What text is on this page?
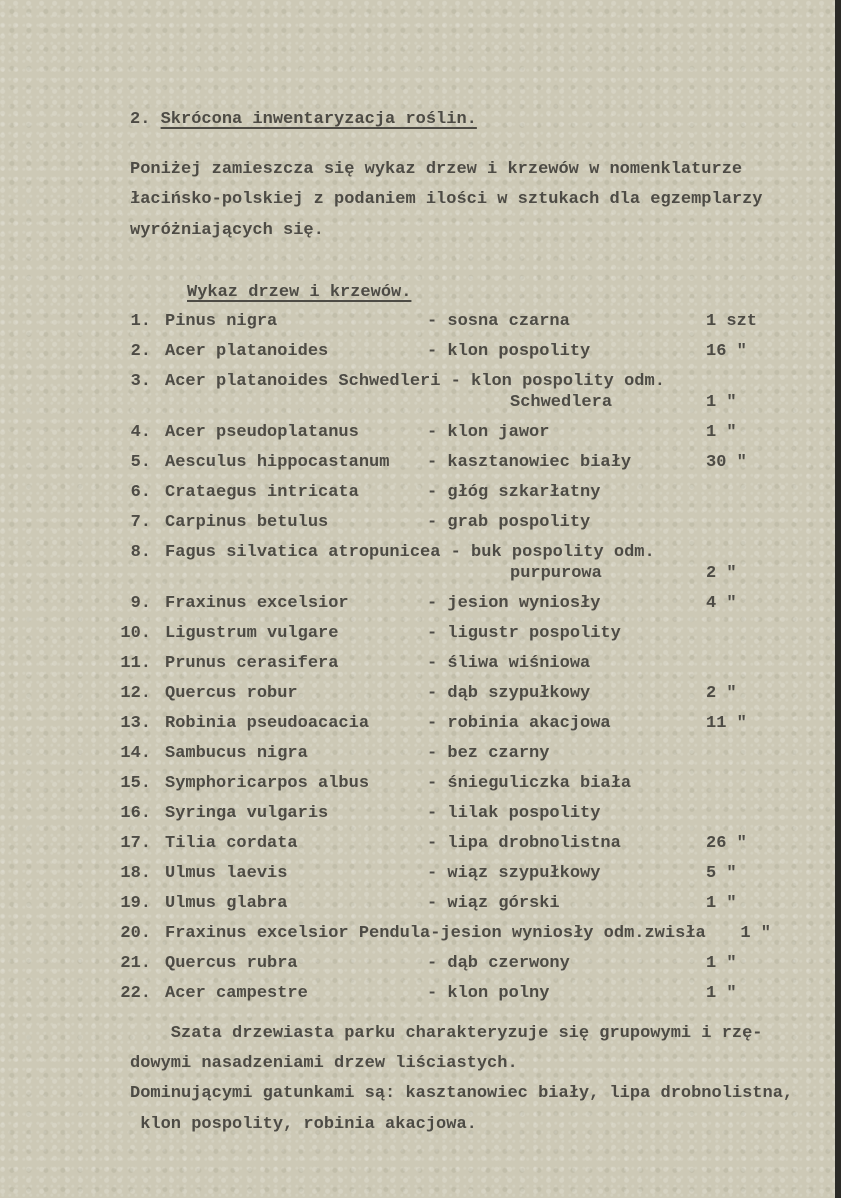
2. Skrócona inwentaryzacja roślin.
Poniżej zamieszcza się wykaz drzew i krzewów w nomenklaturze
łacińsko-polskiej z podaniem ilości w sztukach dla egzemplarzy
wyróżniających się.
Wykaz drzew i krzewów.
1. Pinus nigra	- sosna czarna	1 szt
2. Acer platanoides	- klon pospolity	16 "
3. Acer platanoides Schwedleri - klon pospolity odm.
Schwedlera	1 "
4. Acer pseudoplatanus	- klon jawor	1 "
5. Aesculus hippocastanum - kasztanowiec biały	30 "
6. Crataegus intricata	- głóg szkarłatny
7. Carpinus betulus	- grab pospolity
8. Fagus silvatica atropunicea - buk pospolity odm.
purpurowa	2 "
9. Fraxinus excelsior	- jesion wyniosły	4 "
10. Ligustrum vulgare	- ligustr pospolity
11. Prunus cerasifera	- śliwa wiśniowa
12. Quercus robur	- dąb szypułkowy	2 "
13. Robinia pseudoacacia	- robinia akacjowa	11 "
14. Sambucus nigra	- bez czarny
15. Symphoricarpos albus	- śnieguliczka biała
16. Syringa vulgaris	- lilak pospolity
17. Tilia cordata	- lipa drobnolistna	26 "
18. Ulmus laevis	- wiąz szypułkowy	5 "
19. Ulmus glabra	- wiąz górski	1 "
20. Fraxinus excelsior Pendula-jesion wyniosły odm.zwisła 1 "
21. Quercus rubra	- dąb czerwony	1 "
22. Acer campestre	- klon polny	1 "
Szata drzewiasta parku charakteryzuje się grupowymi i rzę-
dowymi nasadzeniami drzew liściastych.
Dominującymi gatunkami są: kasztanowiec biały, lipa drobnolistna,
klon pospolity, robinia akacjowa.
